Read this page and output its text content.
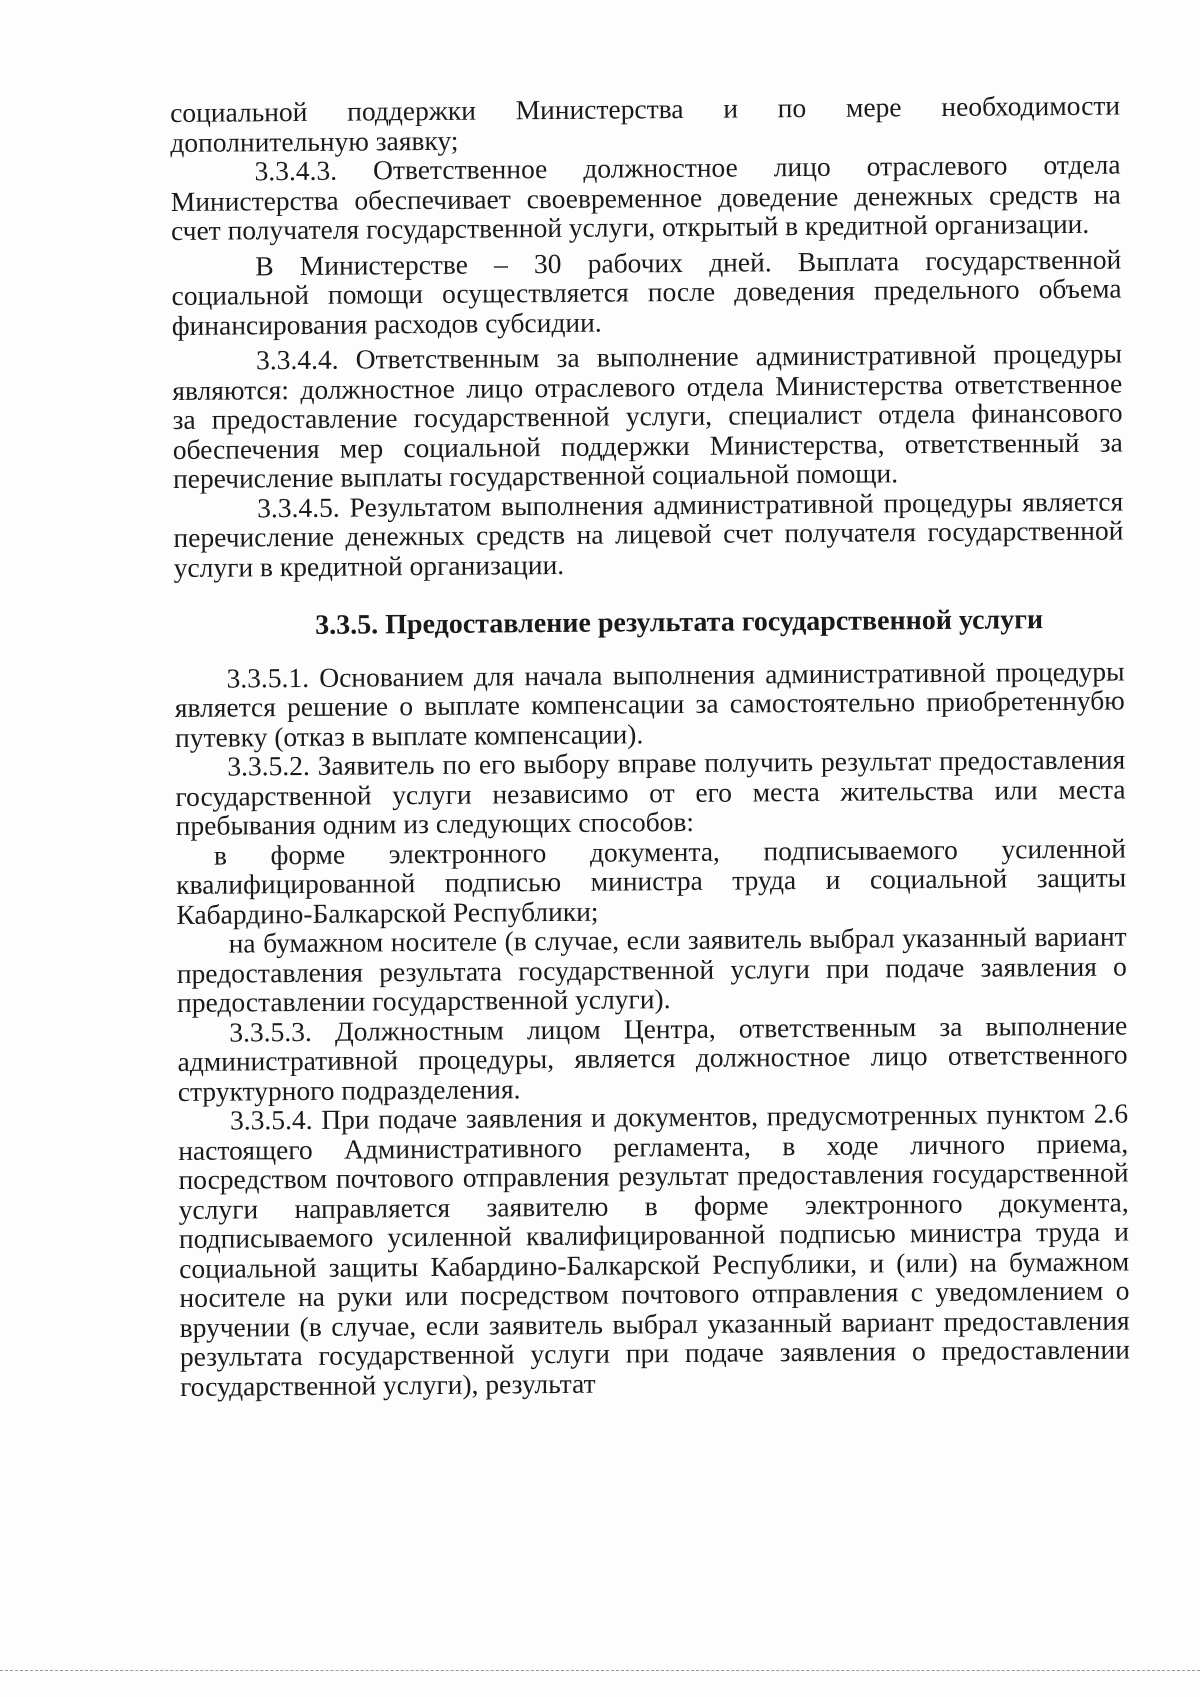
социальной поддержки Министерства и по мере необходимости дополнительную заявку;

3.3.4.3. Ответственное должностное лицо отраслевого отдела Министерства обеспечивает своевременное доведение денежных средств на счет получателя государственной услуги, открытый в кредитной организации.

В Министерстве – 30 рабочих дней. Выплата государственной социальной помощи осуществляется после доведения предельного объема финансирования расходов субсидии.

3.3.4.4. Ответственным за выполнение административной процедуры являются: должностное лицо отраслевого отдела Министерства ответственное за предоставление государственной услуги, специалист отдела финансового обеспечения мер социальной поддержки Министерства, ответственный за перечисление выплаты государственной социальной помощи.

3.3.4.5. Результатом выполнения административной процедуры является перечисление денежных средств на лицевой счет получателя государственной услуги в кредитной организации.

3.3.5. Предоставление результата государственной услуги

3.3.5.1. Основанием для начала выполнения административной процедуры является решение о выплате компенсации за самостоятельно приобретеннубю путевку (отказ в выплате компенсации).

3.3.5.2. Заявитель по его выбору вправе получить результат предоставления государственной услуги независимо от его места жительства или места пребывания одним из следующих способов:

в форме электронного документа, подписываемого усиленной квалифицированной подписью министра труда и социальной защиты Кабардино-Балкарской Республики;

на бумажном носителе (в случае, если заявитель выбрал указанный вариант предоставления результата государственной услуги при подаче заявления о предоставлении государственной услуги).

3.3.5.3. Должностным лицом Центра, ответственным за выполнение административной процедуры, является должностное лицо ответственного структурного подразделения.

3.3.5.4. При подаче заявления и документов, предусмотренных пунктом 2.6 настоящего Административного регламента, в ходе личного приема, посредством почтового отправления результат предоставления государственной услуги направляется заявителю в форме электронного документа, подписываемого усиленной квалифицированной подписью министра труда и социальной защиты Кабардино-Балкарской Республики, и (или) на бумажном носителе на руки или посредством почтового отправления с уведомлением о вручении (в случае, если заявитель выбрал указанный вариант предоставления результата государственной услуги при подаче заявления о предоставлении государственной услуги), результат
